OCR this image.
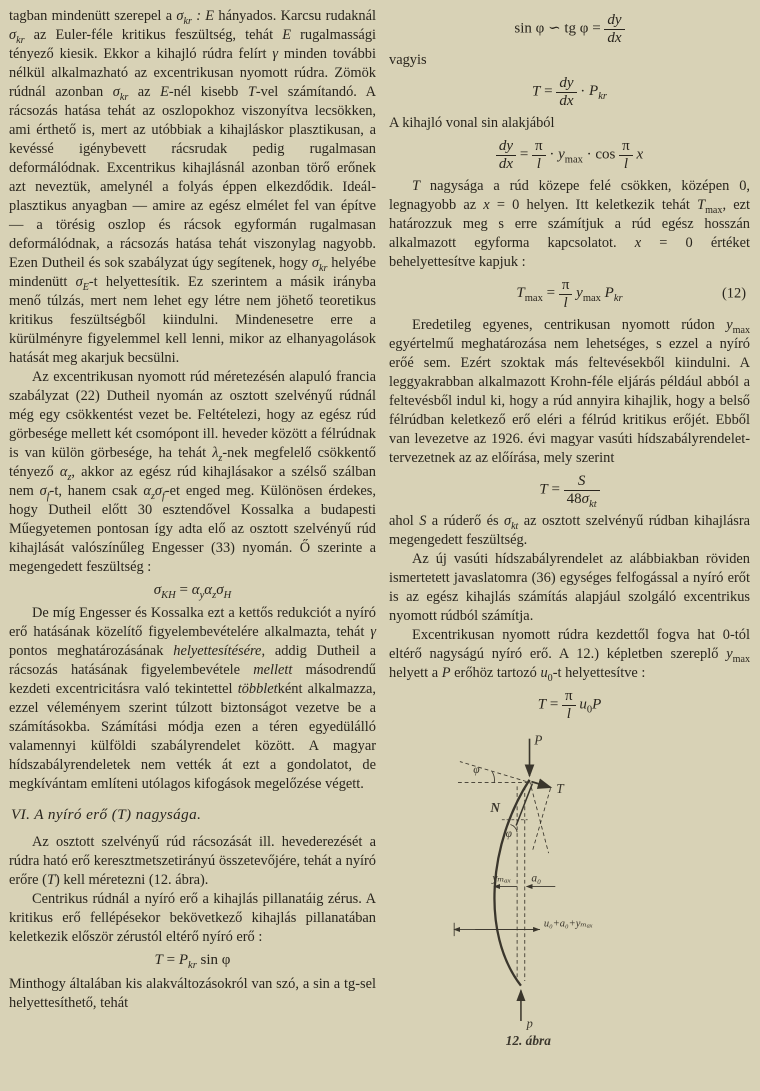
tagban mindenütt szerepel a $\sigma_{kr}$ : E hányados. Karcsu rudaknál $\sigma_{kr}$ az Euler-féle kritikus feszültség, tehát E rugalmassági tényező kiesik. Ekkor a kihajló rúdra felírt γ minden további nélkül alkalmazható az excentrikusan nyomott rúdra. Zömök rúdnál azonban $\sigma_{kr}$ az E-nél kisebb T-vel számítandó. A rácsozás hatása tehát az oszlopokhoz viszonyítva lecsökken, ami érthető is, mert az utóbbiak a kihajláskor plasztikusan, a kevéssé igénybevett rácsrudak pedig rugalmasan deformálódnak. Excentrikus kihajlásnál azonban törő erőnek azt neveztük, amelynél a folyás éppen elkezdődik. Ideál-plasztikus anyagban — amire az egész elmélet fel van építve — a törésig oszlop és rácsok egyformán rugalmasan deformálódnak, a rácsozás hatása tehát viszonylag nagyobb. Ezen Dutheil és sok szabályzat úgy segítenek, hogy $\sigma_{kr}$ helyébe mindenütt $\sigma_E-t$ helyettesítik. Ez szerintem a másik irányba menő túlzás, mert nem lehet egy létre nem jöhető teoretikus kritikus feszültségből kiindulni. Mindenesetre erre a kürülményre figyelemmel kell lenni, mikor az elhanyagolások hatását meg akarjuk becsülni.

Az excentrikusan nyomott rúd méretezésén alapuló francia szabályzat (22) Dutheil nyomán az osztott szelvényű rúdnál még egy csökkentést vezet be. Feltételezi, hogy az egész rúd görbesége mellett két csomópont ill. heveder között a félrúdnak is van külön görbesége, ha tehát $\lambda_z$-nek megfelelő csökkentő tényező $\alpha_z$, akkor az egész rúd kihajlásakor a szélső szálban nem $\sigma_f-t$, hanem csak $\alpha_z\sigma_f-et$ enged meg. Különösen érdekes, hogy Dutheil előtt 30 esztendővel Kossalka a budapesti Műegyetemen pontosan így adta elő az osztott szelvényű rúd kihajlását valószínűleg Engesser (33) nyomán. Ő szerinte a megengedett feszültség :

$\sigma_{KH} = \alpha_y\alpha_z\sigma_H$

De míg Engesser és Kossalka ezt a kettős redukciót a nyíró erő hatásának közelítő figyelembevételére alkalmazta, tehát γ pontos meghatározásának helyettesítésére, addig Dutheil a rácsozás hatásának figyelembevétele mellett másodrendű kezdeti excentricitásra való tekintettel többletként alkalmazza, ezzel véleményem szerint túlzott biztonságot vezetve be a számításokba. Számítási módja ezen a téren egyedülálló valamennyi külföldi szabályrendelet között. A magyar hídszabályrendeletek nem vették át ezt a gondolatot, de megkívántam említeni utólagos kifogások megelőzése végett.

VI. A nyíró erő (T) nagysága.

Az osztott szelvényű rúd rácsozását ill. hevederezését a rúdra ható erő keresztmetszetirányú összetevőjére, tehát a nyíró erőre (T) kell méretezni (12. ábra).

Centrikus rúdnál a nyíró erő a kihajlás pillanatáig zérus. A kritikus erő fellépésekor bekövetkező kihajlás pillanatában keletkezik először zérustól eltérő nyíró erő :

$T = P_{kr}$ sin φ

Minthogy általában kis alakváltozásokról van szó, a sin a tg-sel helyettesíthető, tehát

sin φ ∽ tg $\varphi = \frac{dy}{dx}$

vagyis

$T = \frac{dy}{dx} \cdot P_{kr}$

A kihajló vonal sin alakjából

$\frac{dy}{dx} = \frac{\pi}{l} \cdot y_{max} \cdot \cos \frac{\pi}{l}$ x

T nagysága a rúd közepe felé csökken, középen 0, legnagyobb az x = 0 helyen. Itt keletkezik tehát $T_{max}$, ezt határozzuk meg s erre számítjuk a rúd egész hosszán alkalmazott egyforma kapcsolatot. x = 0 értéket behelyettesítve kapjuk :

$T_{max} = \frac{\pi}{l} y_{max}$ $P_{kr}$	(12)

Eredetileg egyenes, centrikusan nyomott rúdon $y_{max}$ egyértelmű meghatározása nem lehetséges, s ezzel a nyíró erőé sem. Ezért szoktak más feltevésekből kiindulni. A leggyakrabban alkalmazott Krohn-féle eljárás például abból a feltevésből indul ki, hogy a rúd annyira kihajlik, hogy a belső félrúdban keletkező erő eléri a félrúd kritikus erőjét. Ebből van levezetve az 1926. évi magyar vasúti hídszabályrendelet-tervezetnek az az előírása, mely szerint

T =
S
$48\sigma_{kt}$

ahol S a rúderő és $\sigma_{kt}$ az osztott szelvényű rúdban kihajlásra megengedett feszültség.

Az új vasúti hídszabályrendelet az alábbiakban röviden ismertetett javaslatomra (36) egységes felfogással a nyíró erőt is az egész kihajlás számítás alapjául szolgáló excentrikus nyomott rúdból számítja.

Excentrikusan nyomott rúdra kezdettől fogva hat 0-tól eltérő nagyságú nyíró erő. A 12.) képletben szereplő $y_{max}$ helyett a P erőhöz tartozó $u_0-t$ helyettesítve :

$T = \frac{\pi}{l} u_0P$
P
T
φ
N
φ
yₘₐₓ a₀
u₀+a₀+yₘₐₓ
p
12. ábra
